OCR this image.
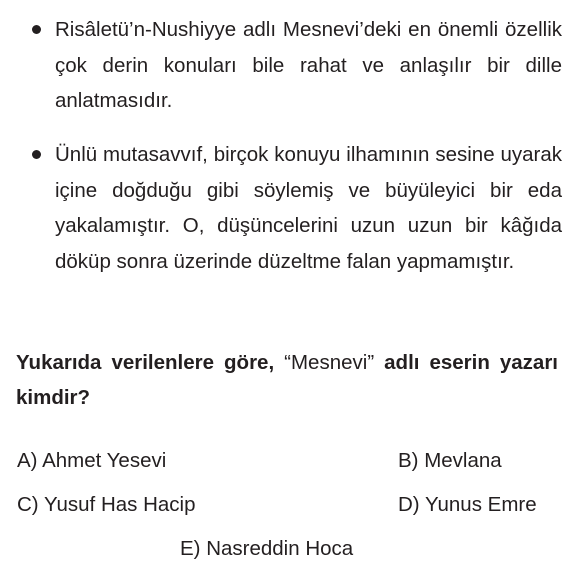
Risâletü’n-Nushiyye adlı Mesnevi’deki en önemli özellik çok derin konuları bile rahat ve anlaşılır bir dille anlatmasıdır.
Ünlü mutasavvıf, birçok konuyu ilhamının sesine uyarak içine doğduğu gibi söylemiş ve büyüleyici bir eda yakalamıştır. O, düşüncelerini uzun uzun bir kâğıda döküp sonra üzerinde düzeltme falan yapmamıştır.
Yukarıda verilenlere göre, “Mesnevi” adlı eserin yazarı kimdir?
A) Ahmet Yesevi	B) Mevlana
C) Yusuf Has Hacip	D) Yunus Emre
E) Nasreddin Hoca
